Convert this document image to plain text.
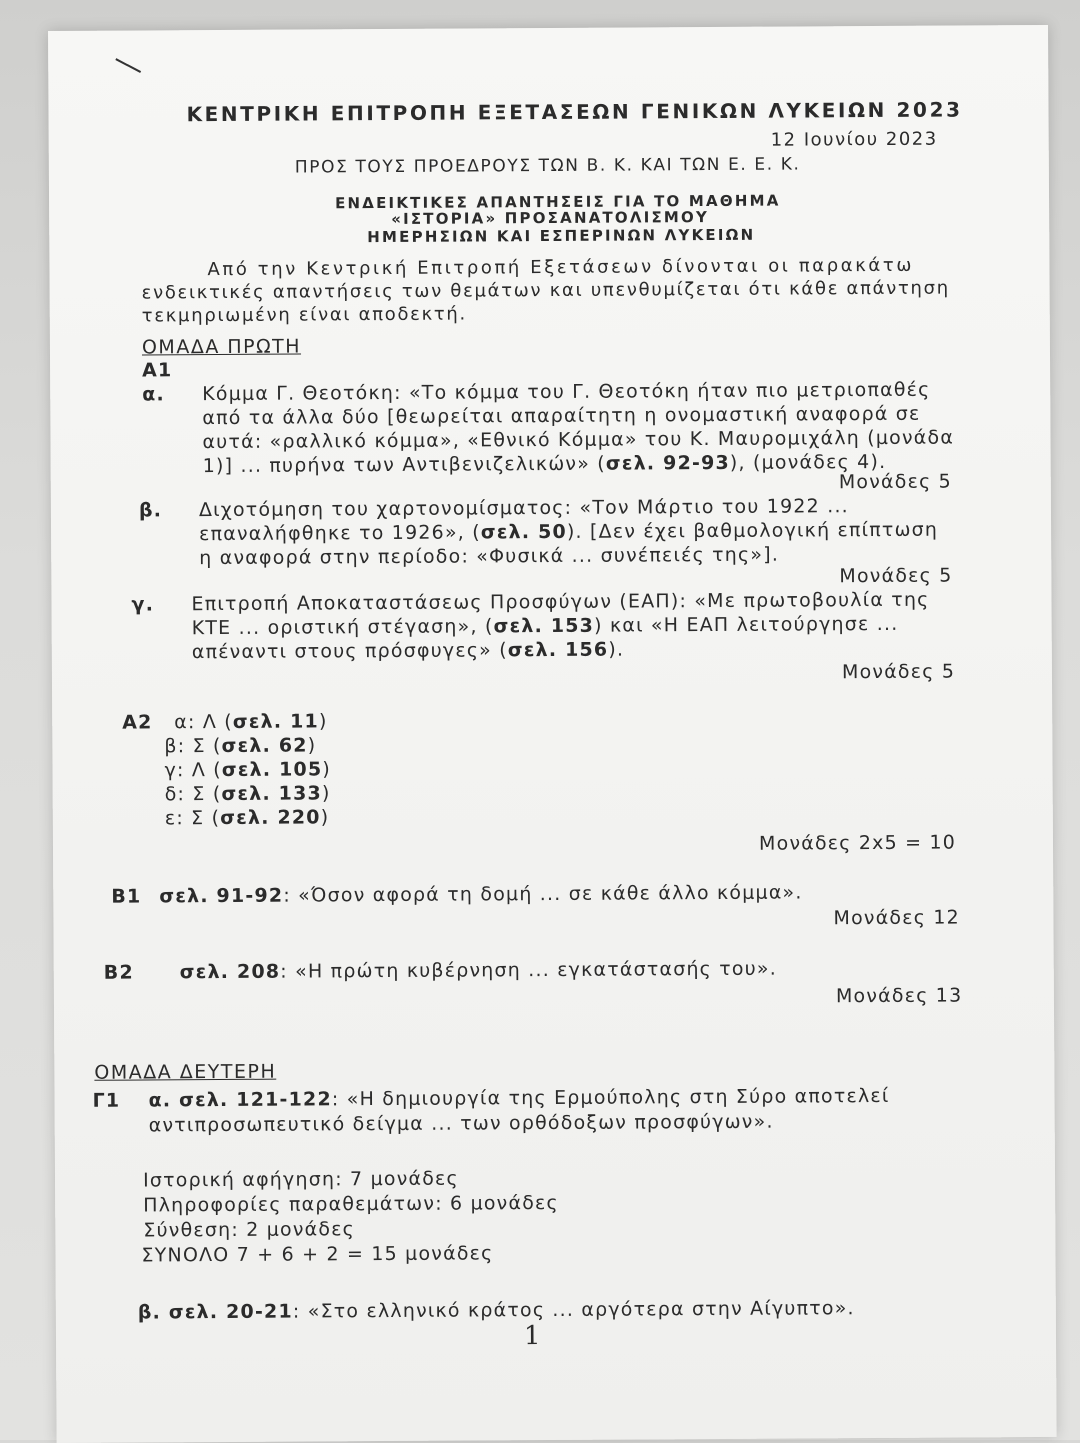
ΚΕΝΤΡΙΚΗ ΕΠΙΤΡΟΠΗ ΕΞΕΤΑΣΕΩΝ ΓΕΝΙΚΩΝ ΛΥΚΕΙΩΝ 2023
12 Ιουνίου 2023
ΠΡΟΣ ΤΟΥΣ ΠΡΟΕΔΡΟΥΣ ΤΩΝ Β. Κ. ΚΑΙ ΤΩΝ Ε. Ε. Κ.
ΕΝΔΕΙΚΤΙΚΕΣ ΑΠΑΝΤΗΣΕΙΣ ΓΙΑ ΤΟ ΜΑΘΗΜΑ
«ΙΣΤΟΡΙΑ» ΠΡΟΣΑΝΑΤΟΛΙΣΜΟΥ
ΗΜΕΡΗΣΙΩΝ ΚΑΙ ΕΣΠΕΡΙΝΩΝ ΛΥΚΕΙΩΝ
Από την Κεντρική Επιτροπή Εξετάσεων δίνονται οι παρακάτω
ενδεικτικές απαντήσεις των θεμάτων και υπενθυμίζεται ότι κάθε απάντηση
τεκμηριωμένη είναι αποδεκτή.
ΟΜΑΔΑ ΠΡΩΤΗ
Α1
α. Κόμμα Γ. Θεοτόκη: «Το κόμμα του Γ. Θεοτόκη ήταν πιο μετριοπαθές
από τα άλλα δύο [θεωρείται απαραίτητη η ονομαστική αναφορά σε
αυτά: «ραλλικό κόμμα», «Εθνικό Κόμμα» του Κ. Μαυρομιχάλη (μονάδα
1)] ... πυρήνα των Αντιβενιζελικών» (σελ. 92-93), (μονάδες 4).
Μονάδες 5
β. Διχοτόμηση του χαρτονομίσματος: «Τον Μάρτιο του 1922 ...
επαναλήφθηκε το 1926», (σελ. 50). [Δεν έχει βαθμολογική επίπτωση
η αναφορά στην περίοδο: «Φυσικά ... συνέπειές της»].
Μονάδες 5
γ. Επιτροπή Αποκαταστάσεως Προσφύγων (ΕΑΠ): «Με πρωτοβουλία της
ΚΤΕ ... οριστική στέγαση», (σελ. 153) και «Η ΕΑΠ λειτούργησε ...
απέναντι στους πρόσφυγες» (σελ. 156).
Μονάδες 5
Α2 α: Λ (σελ. 11)
β: Σ (σελ. 62)
γ: Λ (σελ. 105)
δ: Σ (σελ. 133)
ε: Σ (σελ. 220)
Μονάδες 2x5 = 10
Β1 σελ. 91-92: «Όσον αφορά τη δομή ... σε κάθε άλλο κόμμα».
Μονάδες 12
Β2 σελ. 208: «Η πρώτη κυβέρνηση ... εγκατάστασής του».
Μονάδες 13
ΟΜΑΔΑ ΔΕΥΤΕΡΗ
Γ1 α. σελ. 121-122: «Η δημιουργία της Ερμούπολης στη Σύρο αποτελεί
αντιπροσωπευτικό δείγμα ... των ορθόδοξων προσφύγων».
Ιστορική αφήγηση: 7 μονάδες
Πληροφορίες παραθεμάτων: 6 μονάδες
Σύνθεση: 2 μονάδες
ΣΥΝΟΛΟ 7 + 6 + 2 = 15 μονάδες
β. σελ. 20-21: «Στο ελληνικό κράτος ... αργότερα στην Αίγυπτο».
1
